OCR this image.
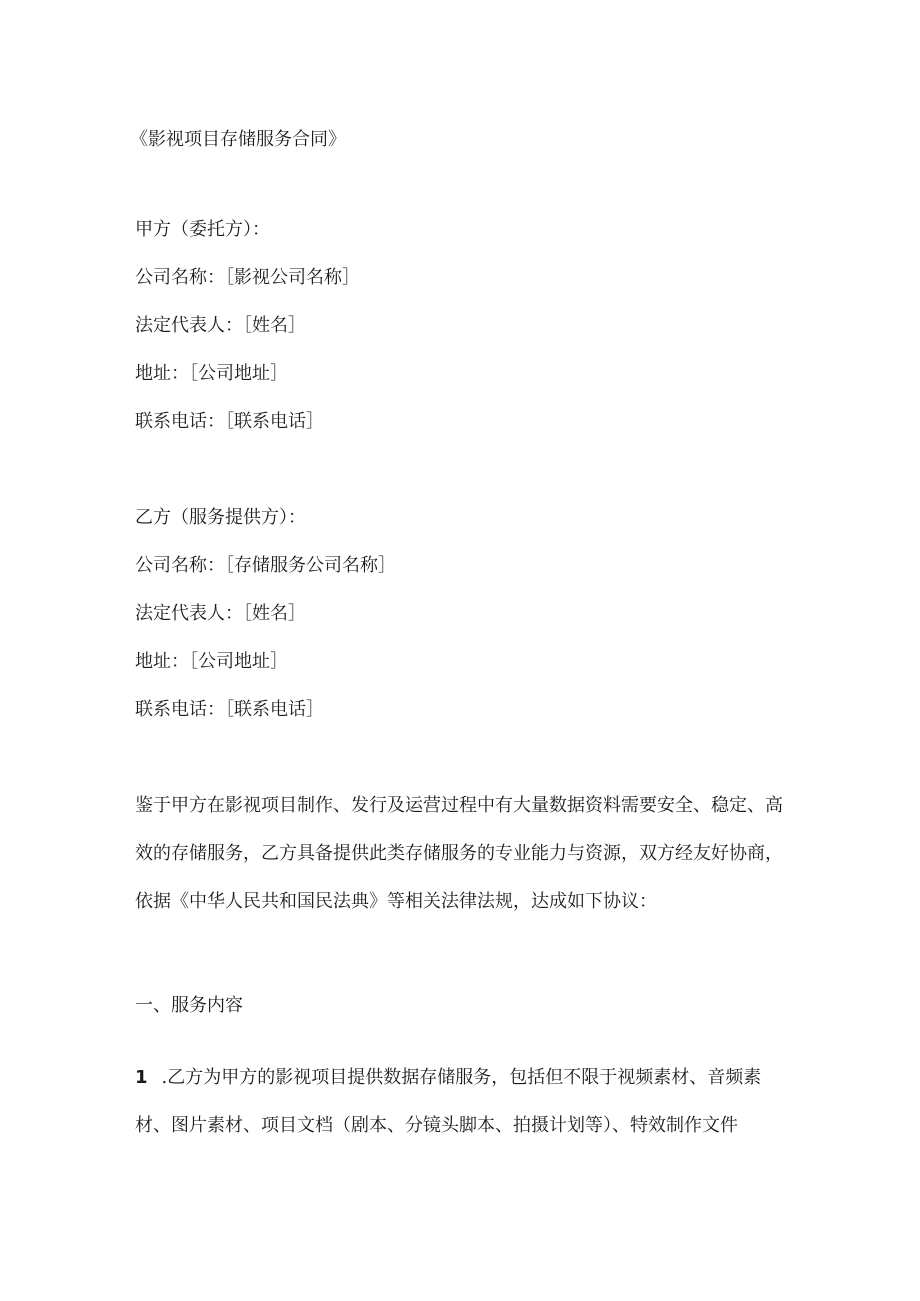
《影视项目存储服务合同》
甲方（委托方）：
公司名称：［影视公司名称］
法定代表人：［姓名］
地址：［公司地址］
联系电话：［联系电话］
乙方（服务提供方）：
公司名称：［存储服务公司名称］
法定代表人：［姓名］
地址：［公司地址］
联系电话：［联系电话］
鉴于甲方在影视项目制作、发行及运营过程中有大量数据资料需要安全、稳定、高效的存储服务，乙方具备提供此类存储服务的专业能力与资源，双方经友好协商，依据《中华人民共和国民法典》等相关法律法规，达成如下协议：
一、服务内容
1 .乙方为甲方的影视项目提供数据存储服务，包括但不限于视频素材、音频素材、图片素材、项目文档（剧本、分镜头脚本、拍摄计划等）、特效制作文件
